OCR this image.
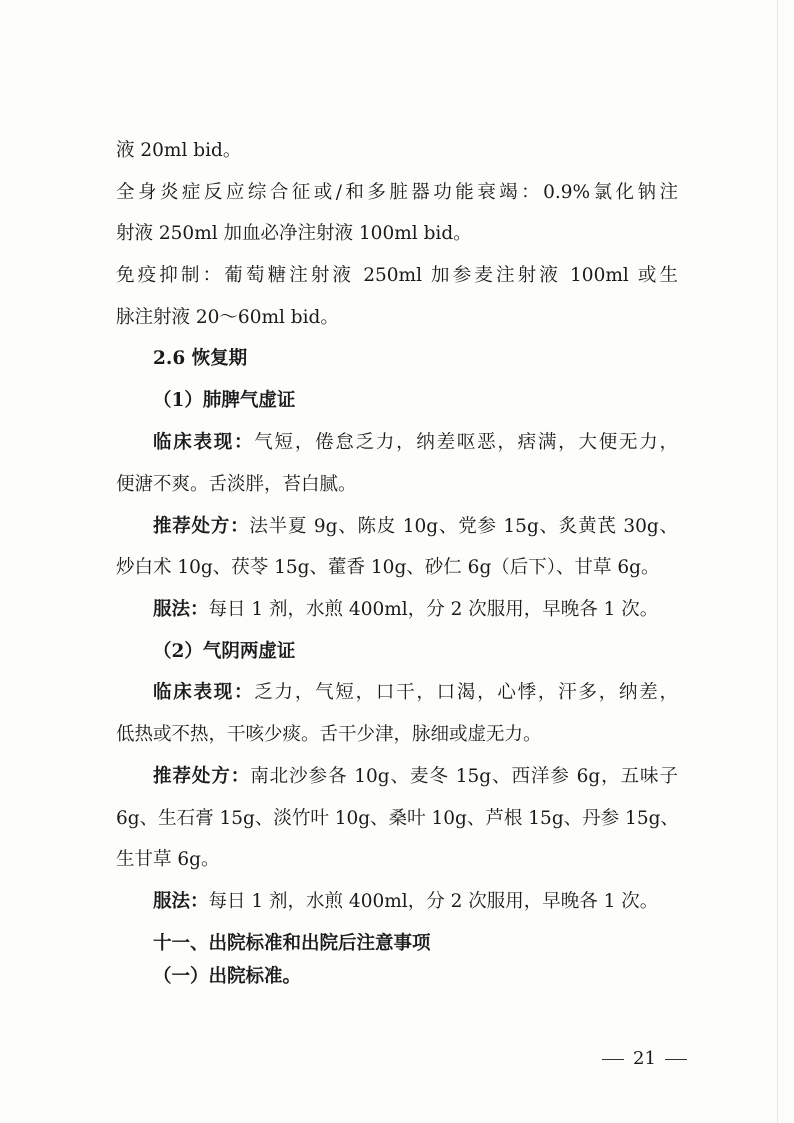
液 20ml bid。
全身炎症反应综合征或/和多脏器功能衰竭：0.9%氯化钠注
射液 250ml 加血必净注射液 100ml bid。
免疫抑制：葡萄糖注射液 250ml 加参麦注射液 100ml 或生
脉注射液 20～60ml bid。
2.6 恢复期
（1）肺脾气虚证
临床表现：气短，倦怠乏力，纳差呕恶，痞满，大便无力，
便溏不爽。舌淡胖，苔白腻。
推荐处方：法半夏 9g、陈皮 10g、党参 15g、炙黄芪 30g、
炒白术 10g、茯苓 15g、藿香 10g、砂仁 6g（后下）、甘草 6g。
服法：每日 1 剂，水煎 400ml，分 2 次服用，早晚各 1 次。
（2）气阴两虚证
临床表现：乏力，气短，口干，口渴，心悸，汗多，纳差，
低热或不热，干咳少痰。舌干少津，脉细或虚无力。
推荐处方：南北沙参各 10g、麦冬 15g、西洋参 6g，五味子
6g、生石膏 15g、淡竹叶 10g、桑叶 10g、芦根 15g、丹参 15g、
生甘草 6g。
服法：每日 1 剂，水煎 400ml，分 2 次服用，早晚各 1 次。
十一、出院标准和出院后注意事项
（一）出院标准。
21
